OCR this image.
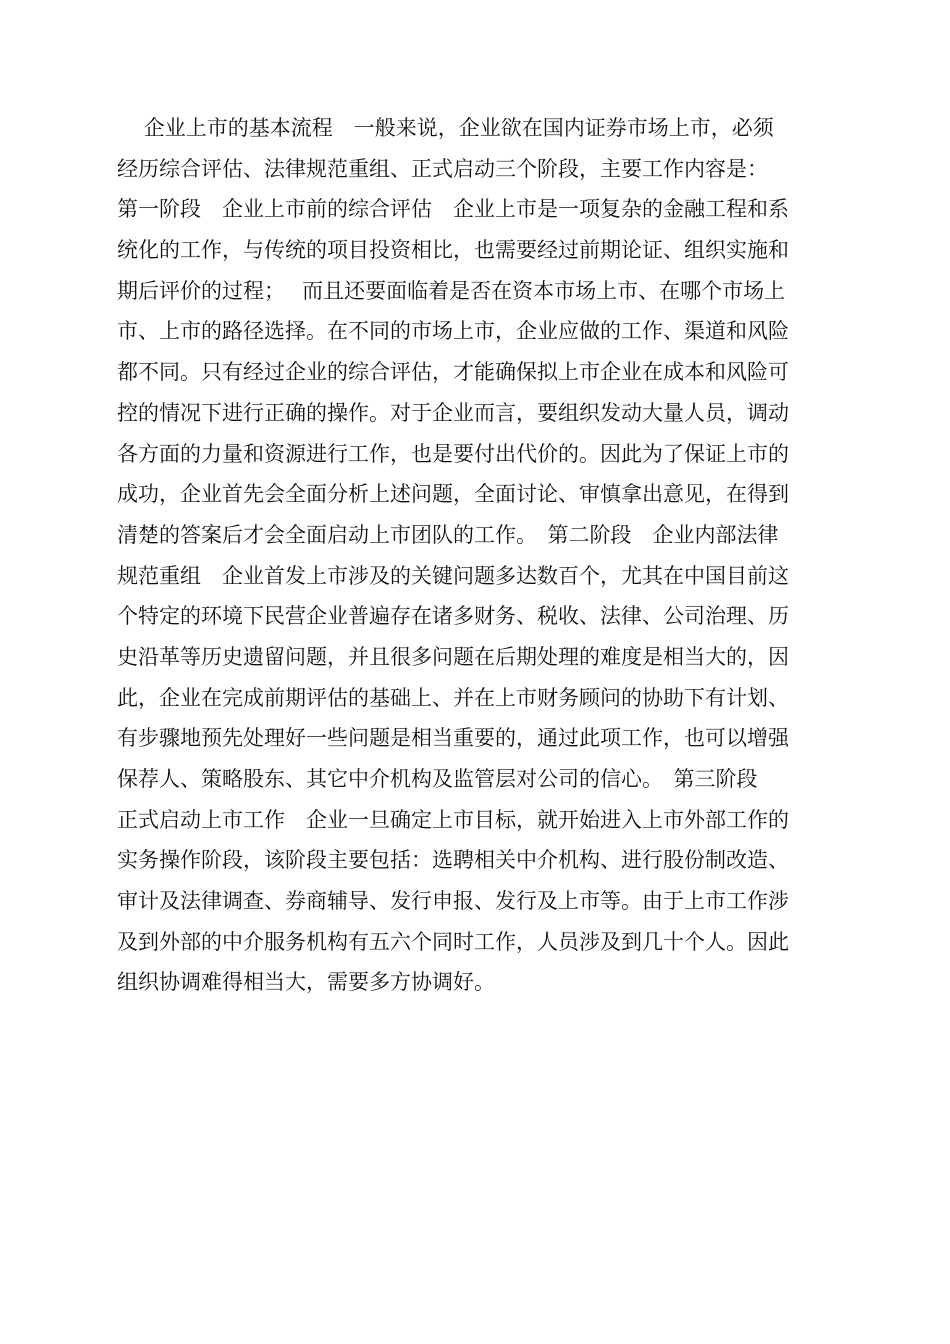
企业上市的基本流程　一般来说，企业欲在国内证券市场上市，必须
经历综合评估、法律规范重组、正式启动三个阶段，主要工作内容是：
第一阶段　企业上市前的综合评估　企业上市是一项复杂的金融工程和系
统化的工作，与传统的项目投资相比，也需要经过前期论证、组织实施和
期后评价的过程；　 而且还要面临着是否在资本市场上市、在哪个市场上
市、上市的路径选择。在不同的市场上市，企业应做的工作、渠道和风险
都不同。只有经过企业的综合评估，才能确保拟上市企业在成本和风险可
控的情况下进行正确的操作。对于企业而言，要组织发动大量人员，调动
各方面的力量和资源进行工作，也是要付出代价的。因此为了保证上市的
成功，企业首先会全面分析上述问题，全面讨论、审慎拿出意见，在得到
清楚的答案后才会全面启动上市团队的工作。　第二阶段　企业内部法律
规范重组　企业首发上市涉及的关键问题多达数百个，尤其在中国目前这
个特定的环境下民营企业普遍存在诸多财务、税收、法律、公司治理、历
史沿革等历史遗留问题，并且很多问题在后期处理的难度是相当大的，因
此，企业在完成前期评估的基础上、并在上市财务顾问的协助下有计划、
有步骤地预先处理好一些问题是相当重要的，通过此项工作，也可以增强
保荐人、策略股东、其它中介机构及监管层对公司的信心。　第三阶段
正式启动上市工作　企业一旦确定上市目标，就开始进入上市外部工作的
实务操作阶段，该阶段主要包括：选聘相关中介机构、进行股份制改造、
审计及法律调查、券商辅导、发行申报、发行及上市等。由于上市工作涉
及到外部的中介服务机构有五六个同时工作，人员涉及到几十个人。因此
组织协调难得相当大，需要多方协调好。
